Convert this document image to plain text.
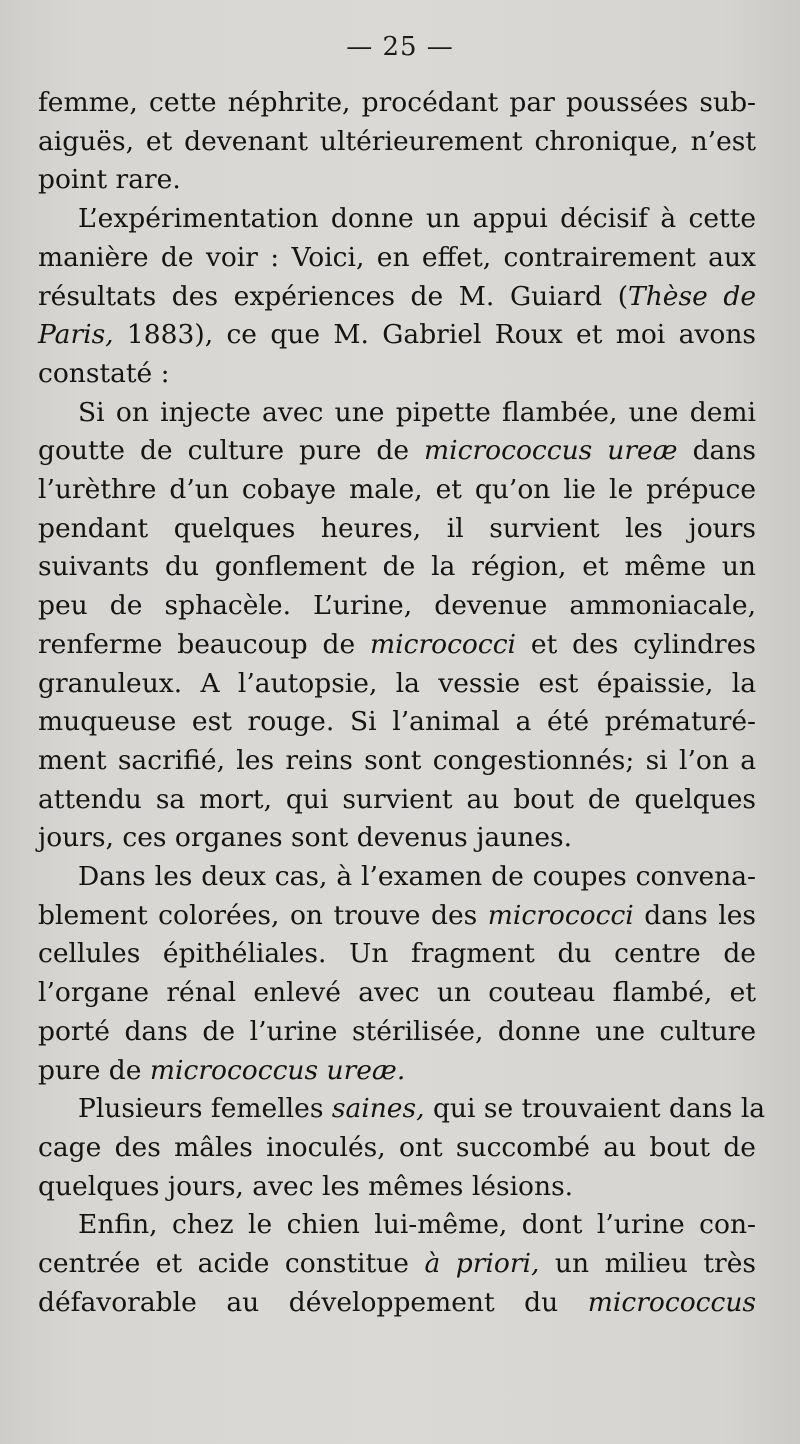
— 25 —
femme, cette néphrite, procédant par poussées sub-
aiguës, et devenant ultérieurement chronique, n’est
point rare.
L’expérimentation donne un appui décisif à cette
manière de voir : Voici, en effet, contrairement aux
résultats des expériences de M. Guiard (Thèse de
Paris, 1883), ce que M. Gabriel Roux et moi avons
constaté :
Si on injecte avec une pipette flambée, une demi
goutte de culture pure de micrococcus ureæ dans
l’urèthre d’un cobaye male, et qu’on lie le prépuce
pendant quelques heures, il survient les jours
suivants du gonflement de la région, et même un
peu de sphacèle. L’urine, devenue ammoniacale,
renferme beaucoup de micrococci et des cylindres
granuleux. A l’autopsie, la vessie est épaissie, la
muqueuse est rouge. Si l’animal a été prématuré-
ment sacrifié, les reins sont congestionnés; si l’on a
attendu sa mort, qui survient au bout de quelques
jours, ces organes sont devenus jaunes.
Dans les deux cas, à l’examen de coupes convena-
blement colorées, on trouve des micrococci dans les
cellules épithéliales. Un fragment du centre de
l’organe rénal enlevé avec un couteau flambé, et
porté dans de l’urine stérilisée, donne une culture
pure de micrococcus ureæ.
Plusieurs femelles saines, qui se trouvaient dans la
cage des mâles inoculés, ont succombé au bout de
quelques jours, avec les mêmes lésions.
Enfin, chez le chien lui-même, dont l’urine con-
centrée et acide constitue à priori, un milieu très
défavorable au développement du micrococcus
